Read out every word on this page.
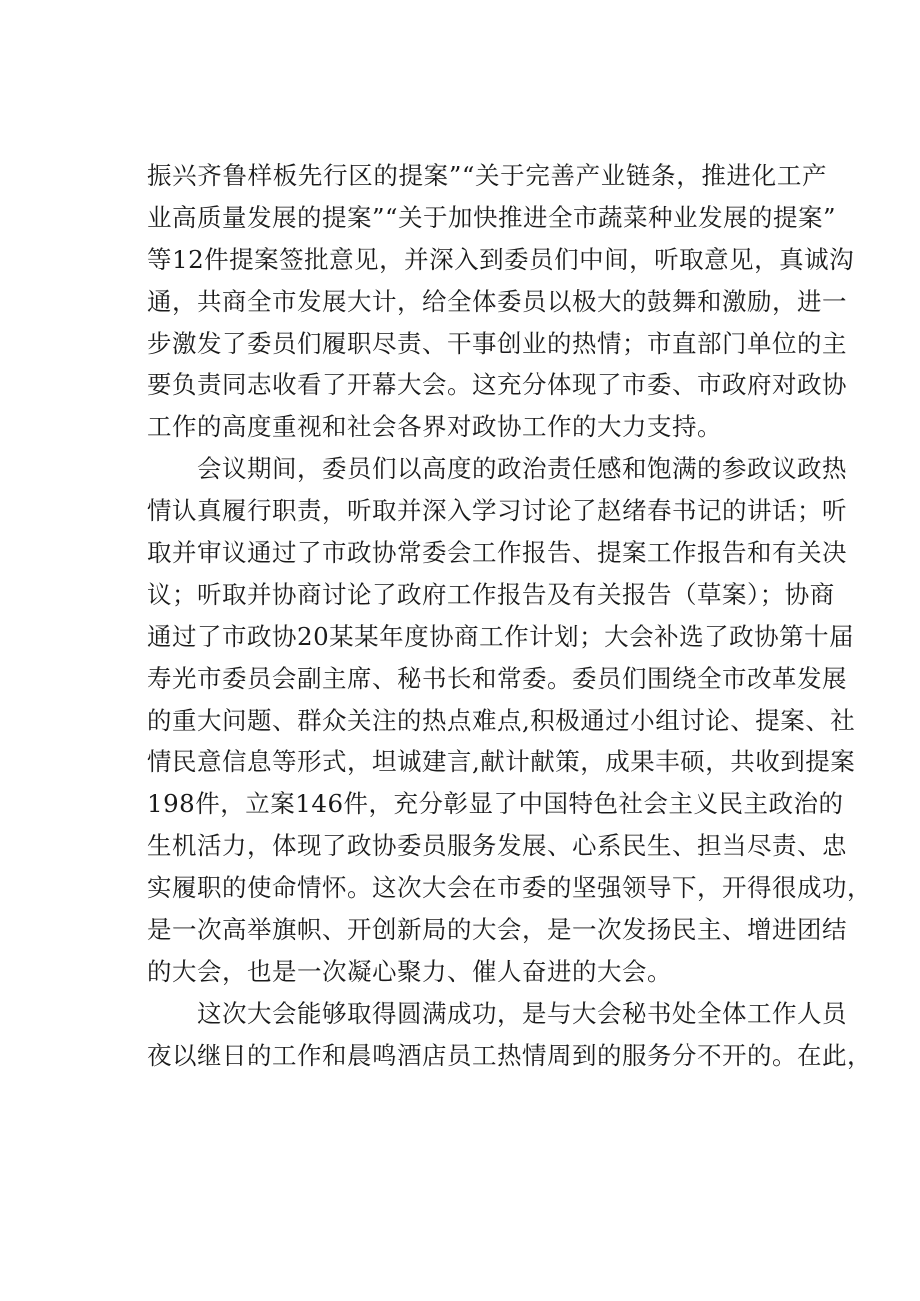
振兴齐鲁样板先行区的提案”“关于完善产业链条，推进化工产
业高质量发展的提案”“关于加快推进全市蔬菜种业发展的提案”
等12件提案签批意见，并深入到委员们中间，听取意见，真诚沟
通，共商全市发展大计，给全体委员以极大的鼓舞和激励，进一
步激发了委员们履职尽责、干事创业的热情；市直部门单位的主
要负责同志收看了开幕大会。这充分体现了市委、市政府对政协
工作的高度重视和社会各界对政协工作的大力支持。
会议期间，委员们以高度的政治责任感和饱满的参政议政热
情认真履行职责，听取并深入学习讨论了赵绪春书记的讲话；听
取并审议通过了市政协常委会工作报告、提案工作报告和有关决
议；听取并协商讨论了政府工作报告及有关报告（草案）；协商
通过了市政协20某某年度协商工作计划；大会补选了政协第十届
寿光市委员会副主席、秘书长和常委。委员们围绕全市改革发展
的重大问题、群众关注的热点难点,积极通过小组讨论、提案、社
情民意信息等形式，坦诚建言,献计献策，成果丰硕，共收到提案
198件，立案146件，充分彰显了中国特色社会主义民主政治的
生机活力，体现了政协委员服务发展、心系民生、担当尽责、忠
实履职的使命情怀。这次大会在市委的坚强领导下，开得很成功，
是一次高举旗帜、开创新局的大会，是一次发扬民主、增进团结
的大会，也是一次凝心聚力、催人奋进的大会。
这次大会能够取得圆满成功，是与大会秘书处全体工作人员
夜以继日的工作和晨鸣酒店员工热情周到的服务分不开的。在此，
